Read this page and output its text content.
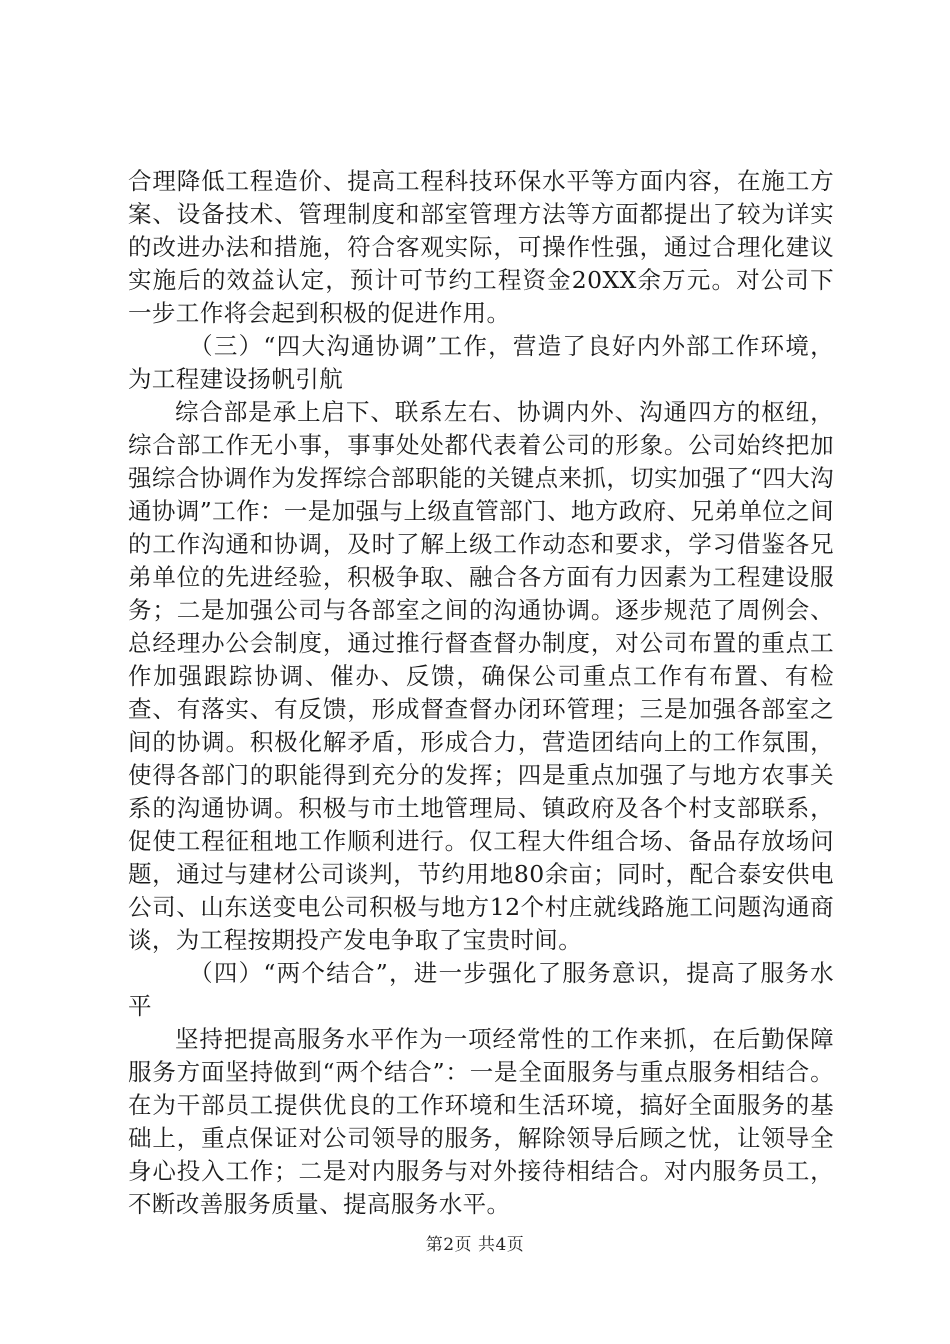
合理降低工程造价、提高工程科技环保水平等方面内容，在施工方案、设备技术、管理制度和部室管理方法等方面都提出了较为详实的改进办法和措施，符合客观实际，可操作性强，通过合理化建议实施后的效益认定，预计可节约工程资金20XX余万元。对公司下一步工作将会起到积极的促进作用。

（三）“四大沟通协调”工作，营造了良好内外部工作环境，为工程建设扬帆引航

综合部是承上启下、联系左右、协调内外、沟通四方的枢纽，综合部工作无小事，事事处处都代表着公司的形象。公司始终把加强综合协调作为发挥综合部职能的关键点来抓，切实加强了“四大沟通协调”工作：一是加强与上级直管部门、地方政府、兄弟单位之间的工作沟通和协调，及时了解上级工作动态和要求，学习借鉴各兄弟单位的先进经验，积极争取、融合各方面有力因素为工程建设服务；二是加强公司与各部室之间的沟通协调。逐步规范了周例会、总经理办公会制度，通过推行督查督办制度，对公司布置的重点工作加强跟踪协调、催办、反馈，确保公司重点工作有布置、有检查、有落实、有反馈，形成督查督办闭环管理；三是加强各部室之间的协调。积极化解矛盾，形成合力，营造团结向上的工作氛围，使得各部门的职能得到充分的发挥；四是重点加强了与地方农事关系的沟通协调。积极与市土地管理局、镇政府及各个村支部联系，促使工程征租地工作顺利进行。仅工程大件组合场、备品存放场问题，通过与建材公司谈判，节约用地80余亩；同时，配合泰安供电公司、山东送变电公司积极与地方12个村庄就线路施工问题沟通商谈，为工程按期投产发电争取了宝贵时间。

（四）“两个结合”，进一步强化了服务意识，提高了服务水平

坚持把提高服务水平作为一项经常性的工作来抓，在后勤保障服务方面坚持做到“两个结合”：一是全面服务与重点服务相结合。在为干部员工提供优良的工作环境和生活环境，搞好全面服务的基础上，重点保证对公司领导的服务，解除领导后顾之忧，让领导全身心投入工作；二是对内服务与对外接待相结合。对内服务员工，不断改善服务质量、提高服务水平。

第2页 共4页
